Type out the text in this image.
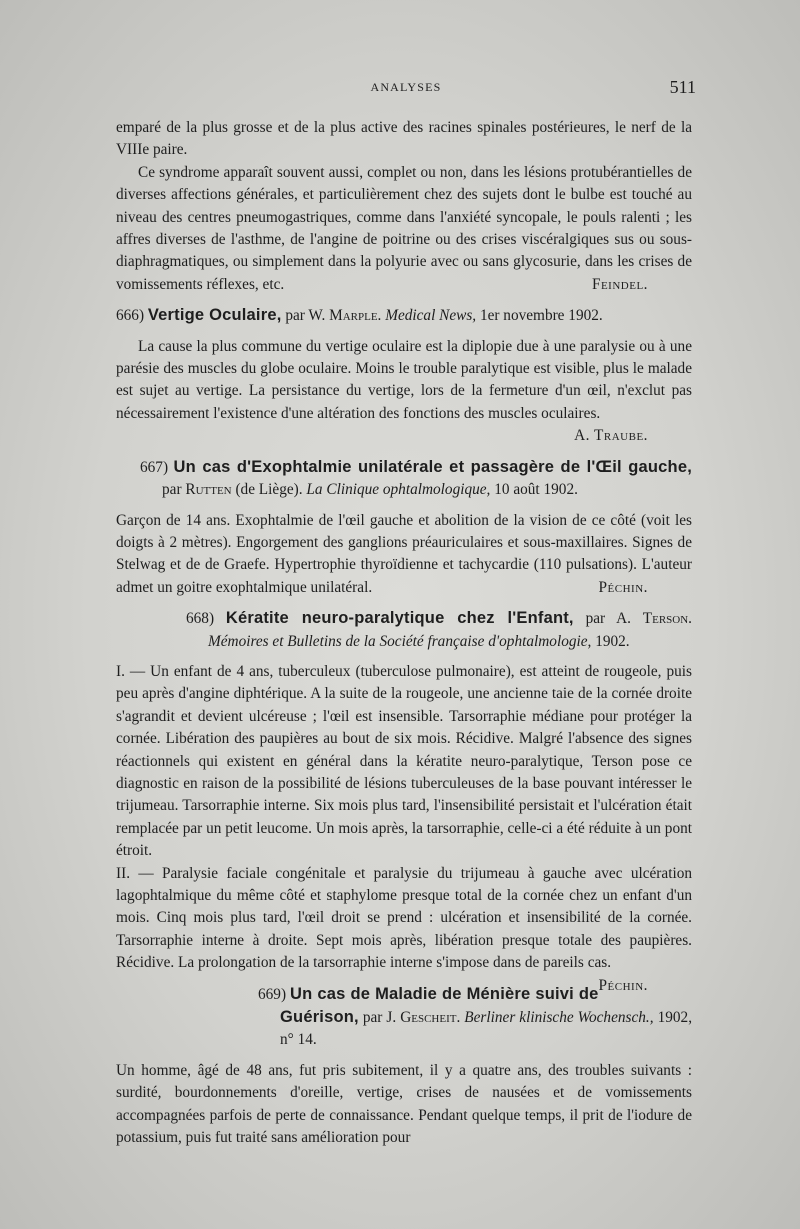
ANALYSES	511

emparé de la plus grosse et de la plus active des racines spinales postérieures, le nerf de la VIIIe paire.

Ce syndrome apparaît souvent aussi, complet ou non, dans les lésions protubérantielles de diverses affections générales, et particulièrement chez des sujets dont le bulbe est touché au niveau des centres pneumogastriques, comme dans l'anxiété syncopale, le pouls ralenti ; les affres diverses de l'asthme, de l'angine de poitrine ou des crises viscéralgiques sus ou sous-diaphragmatiques, ou simplement dans la polyurie avec ou sans glycosurie, dans les crises de vomissements réflexes, etc.	Feindel.

666) Vertige Oculaire, par W. Marple. Medical News, 1er novembre 1902.

La cause la plus commune du vertige oculaire est la diplopie due à une paralysie ou à une parésie des muscles du globe oculaire. Moins le trouble paralytique est visible, plus le malade est sujet au vertige. La persistance du vertige, lors de la fermeture d'un œil, n'exclut pas nécessairement l'existence d'une altération des fonctions des muscles oculaires.

A. Traube.

667) Un cas d'Exophtalmie unilatérale et passagère de l'Œil gauche, par Rutten (de Liège). La Clinique ophtalmologique, 10 août 1902.

Garçon de 14 ans. Exophtalmie de l'œil gauche et abolition de la vision de ce côté (voit les doigts à 2 mètres). Engorgement des ganglions préauriculaires et sous-maxillaires. Signes de Stelwag et de de Graefe. Hypertrophie thyroïdienne et tachycardie (110 pulsations). L'auteur admet un goitre exophtalmique unilatéral.	Péchin.

668) Kératite neuro-paralytique chez l'Enfant, par A. Terson. Mémoires et Bulletins de la Société française d'ophtalmologie, 1902.

I. — Un enfant de 4 ans, tuberculeux (tuberculose pulmonaire), est atteint de rougeole, puis peu après d'angine diphtérique. A la suite de la rougeole, une ancienne taie de la cornée droite s'agrandit et devient ulcéreuse ; l'œil est insensible. Tarsorraphie médiane pour protéger la cornée. Libération des paupières au bout de six mois. Récidive. Malgré l'absence des signes réactionnels qui existent en général dans la kératite neuro-paralytique, Terson pose ce diagnostic en raison de la possibilité de lésions tuberculeuses de la base pouvant intéresser le trijumeau. Tarsorraphie interne. Six mois plus tard, l'insensibilité persistait et l'ulcération était remplacée par un petit leucome. Un mois après, la tarsorraphie, celle-ci a été réduite à un pont étroit.

II. — Paralysie faciale congénitale et paralysie du trijumeau à gauche avec ulcération lagophtalmique du même côté et staphylome presque total de la cornée chez un enfant d'un mois. Cinq mois plus tard, l'œil droit se prend : ulcération et insensibilité de la cornée. Tarsorraphie interne à droite. Sept mois après, libération presque totale des paupières. Récidive. La prolongation de la tarsorraphie interne s'impose dans de pareils cas.
Péchin.

669) Un cas de Maladie de Ménière suivi de Guérison, par J. Gescheit. Berliner klinische Wochensch., 1902, n° 14.

Un homme, âgé de 48 ans, fut pris subitement, il y a quatre ans, des troubles suivants : surdité, bourdonnements d'oreille, vertige, crises de nausées et de vomissements accompagnées parfois de perte de connaissance. Pendant quelque temps, il prit de l'iodure de potassium, puis fut traité sans amélioration pour
